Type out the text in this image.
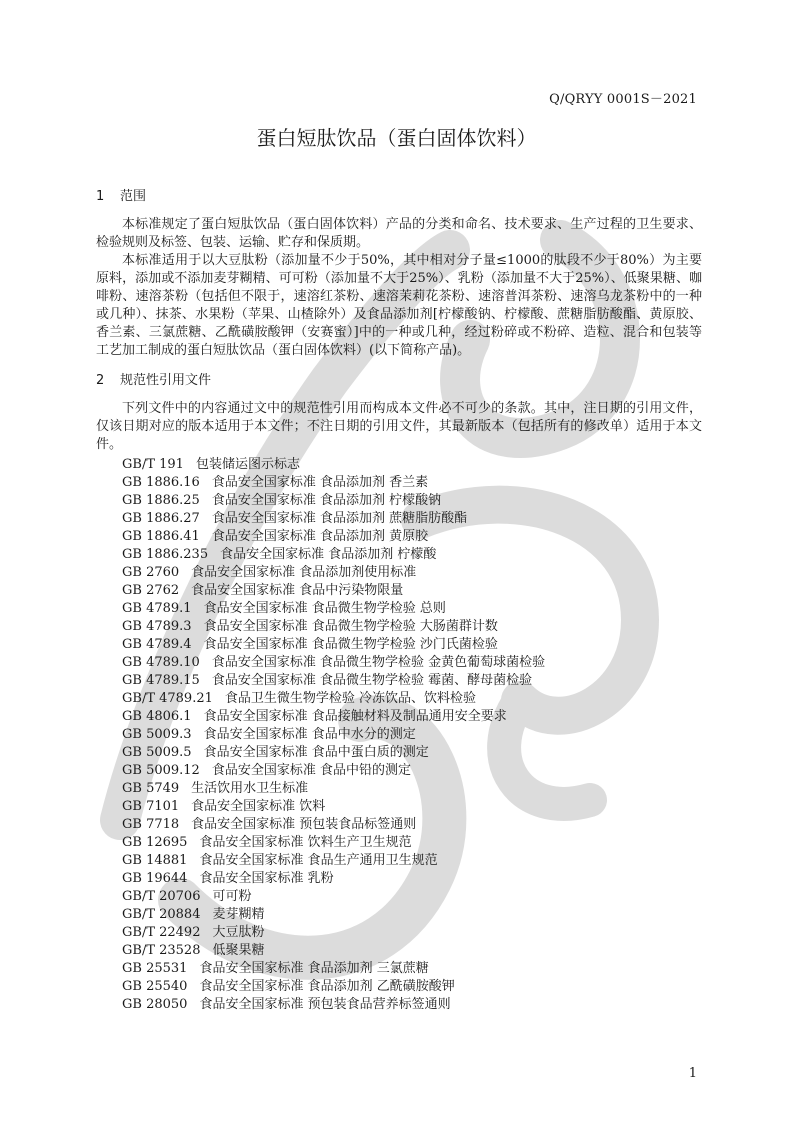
Q/QRYY 0001S－2021
蛋白短肽饮品（蛋白固体饮料）
1 范围

本标准规定了蛋白短肽饮品（蛋白固体饮料）产品的分类和命名、技术要求、生产过程的卫生要求、检验规则及标签、包装、运输、贮存和保质期。

本标准适用于以大豆肽粉（添加量不少于50%，其中相对分子量≤1000的肽段不少于80%）为主要原料，添加或不添加麦芽糊精、可可粉（添加量不大于25%）、乳粉（添加量不大于25%）、低聚果糖、咖啡粉、速溶茶粉（包括但不限于，速溶红茶粉、速溶茉莉花茶粉、速溶普洱茶粉、速溶乌龙茶粉中的一种或几种）、抹茶、水果粉（苹果、山楂除外）及食品添加剂[柠檬酸钠、柠檬酸、蔗糖脂肪酸酯、黄原胶、香兰素、三氯蔗糖、乙酰磺胺酸钾（安赛蜜）]中的一种或几种，经过粉碎或不粉碎、造粒、混合和包装等工艺加工制成的蛋白短肽饮品（蛋白固体饮料）(以下简称产品)。

2 规范性引用文件

下列文件中的内容通过文中的规范性引用而构成本文件必不可少的条款。其中，注日期的引用文件，仅该日期对应的版本适用于本文件；不注日期的引用文件，其最新版本（包括所有的修改单）适用于本文件。

GB/T 191 包装储运图示标志
GB 1886.16 食品安全国家标准 食品添加剂 香兰素
GB 1886.25 食品安全国家标准 食品添加剂 柠檬酸钠
GB 1886.27 食品安全国家标准 食品添加剂 蔗糖脂肪酸酯
GB 1886.41 食品安全国家标准 食品添加剂 黄原胶
GB 1886.235 食品安全国家标准 食品添加剂 柠檬酸
GB 2760 食品安全国家标准 食品添加剂使用标准
GB 2762 食品安全国家标准 食品中污染物限量
GB 4789.1 食品安全国家标准 食品微生物学检验 总则
GB 4789.3 食品安全国家标准 食品微生物学检验 大肠菌群计数
GB 4789.4 食品安全国家标准 食品微生物学检验 沙门氏菌检验
GB 4789.10 食品安全国家标准 食品微生物学检验 金黄色葡萄球菌检验
GB 4789.15 食品安全国家标准 食品微生物学检验 霉菌、酵母菌检验
GB/T 4789.21 食品卫生微生物学检验 冷冻饮品、饮料检验
GB 4806.1 食品安全国家标准 食品接触材料及制品通用安全要求
GB 5009.3 食品安全国家标准 食品中水分的测定
GB 5009.5 食品安全国家标准 食品中蛋白质的测定
GB 5009.12 食品安全国家标准 食品中铅的测定
GB 5749 生活饮用水卫生标准
GB 7101 食品安全国家标准 饮料
GB 7718 食品安全国家标准 预包装食品标签通则
GB 12695 食品安全国家标准 饮料生产卫生规范
GB 14881 食品安全国家标准 食品生产通用卫生规范
GB 19644 食品安全国家标准 乳粉
GB/T 20706 可可粉
GB/T 20884 麦芽糊精
GB/T 22492 大豆肽粉
GB/T 23528 低聚果糖
GB 25531 食品安全国家标准 食品添加剂 三氯蔗糖
GB 25540 食品安全国家标准 食品添加剂 乙酰磺胺酸钾
GB 28050 食品安全国家标准 预包装食品营养标签通则
1
